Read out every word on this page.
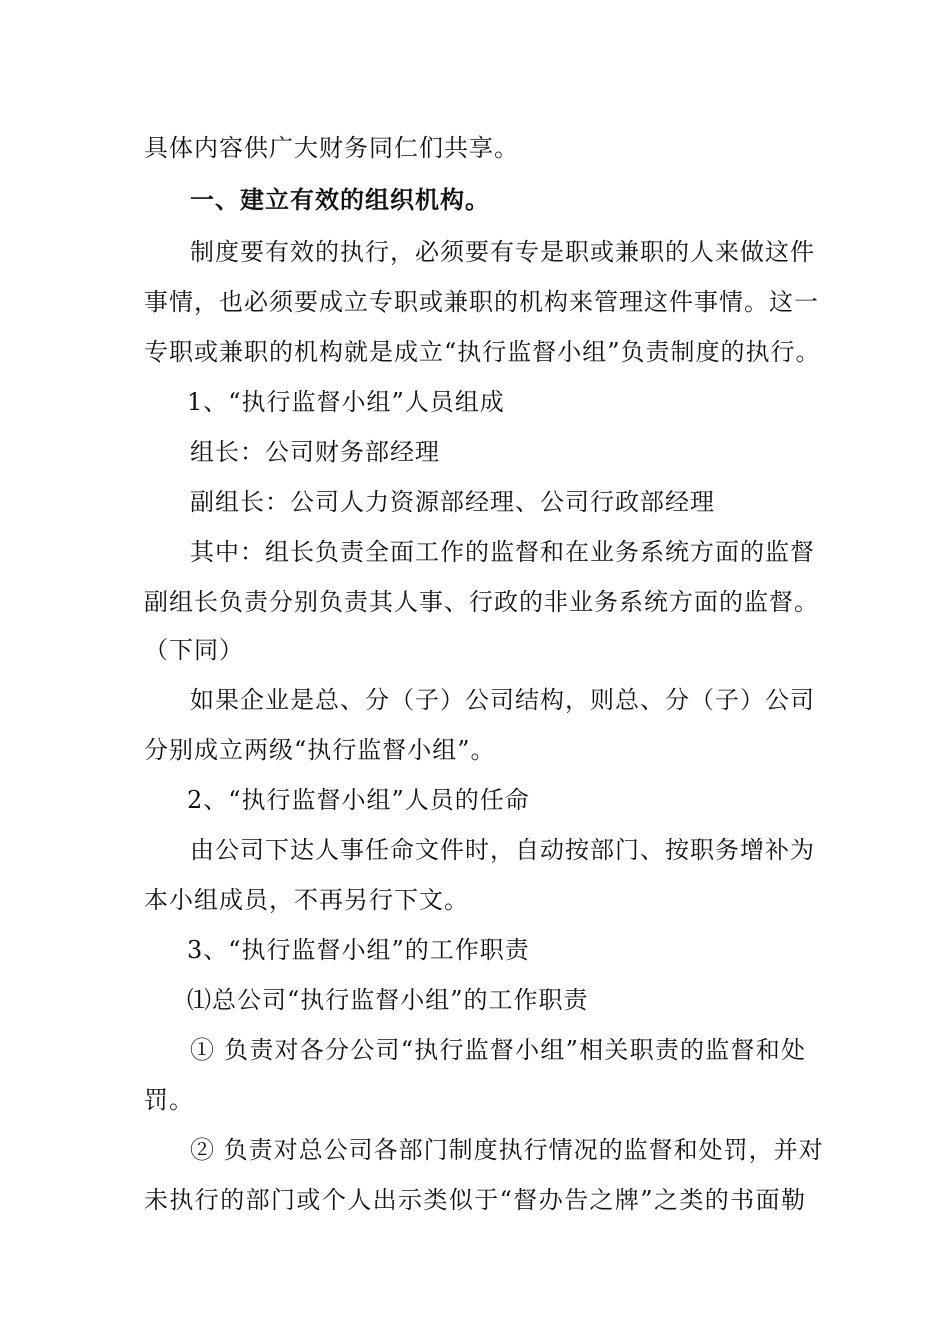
具体内容供广大财务同仁们共享。
一、建立有效的组织机构。
制度要有效的执行，必须要有专是职或兼职的人来做这件
事情，也必须要成立专职或兼职的机构来管理这件事情。这一
专职或兼职的机构就是成立“执行监督小组”负责制度的执行。
1、“执行监督小组”人员组成
组长：公司财务部经理
副组长：公司人力资源部经理、公司行政部经理
其中：组长负责全面工作的监督和在业务系统方面的监督
副组长负责分别负责其人事、行政的非业务系统方面的监督。
（下同）
如果企业是总、分（子）公司结构，则总、分（子）公司
分别成立两级“执行监督小组”。
2、“执行监督小组”人员的任命
由公司下达人事任命文件时，自动按部门、按职务增补为
本小组成员，不再另行下文。
3、“执行监督小组”的工作职责
⑴总公司“执行监督小组”的工作职责
① 负责对各分公司“执行监督小组”相关职责的监督和处
罚。
② 负责对总公司各部门制度执行情况的监督和处罚，并对
未执行的部门或个人出示类似于“督办告之牌”之类的书面勒
